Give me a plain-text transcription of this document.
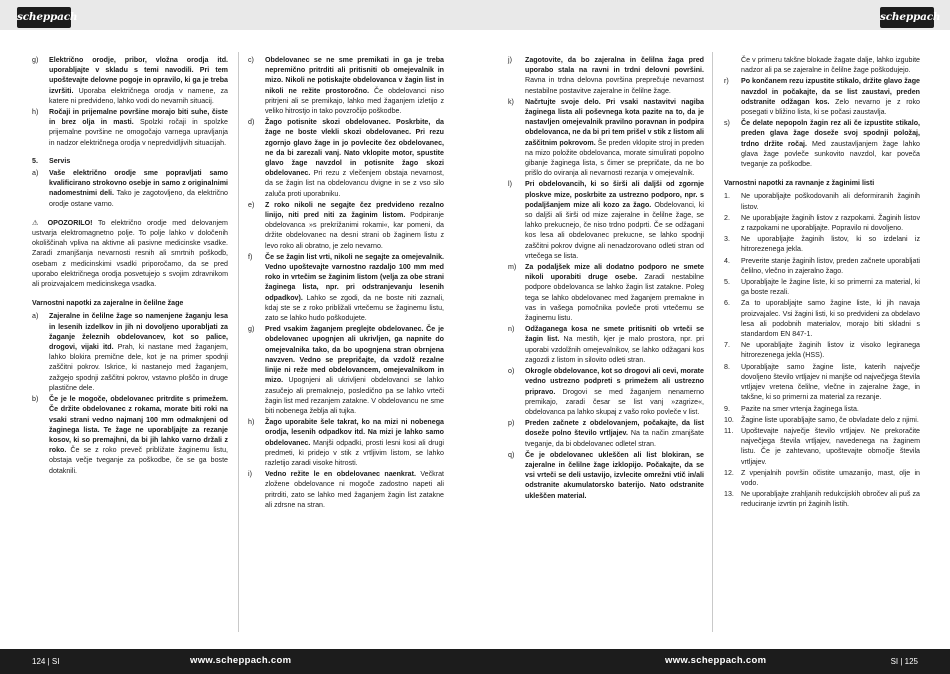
scheppach	scheppach
g)	Električno orodje, pribor, vložna orodja itd. uporabljajte v skladu s temi navodili. Pri tem upoštevajte delovne pogoje in opravilo, ki ga je treba izvršiti. Uporaba električnega orodja v namene, za katere ni predvideno, lahko vodi do nevarnih situacij.
h)	Ročaji in prijemalne površine morajo biti suhe, čiste in brez olja in masti. Spolzki ročaji in spolzke prijemalne površine ne omogočajo varnega upravljanja in nadzor električnega orodja v nepredvidljivih situacijah.
5.	Servis
a)	Vaše električno orodje sme popravljati samo kvalificirano strokovno osebje in samo z originalnimi nadomestnimi deli. Tako je zagotovljeno, da električno orodje ostane varno.
⚠ OPOZORILO! To električno orodje med delovanjem ustvarja elektromagnetno polje. To polje lahko v določenih okoliščinah vpliva na aktivne ali pasivne medicinske vsadke. Zaradi zmanjšanja nevarnosti resnih ali smrtnih poškodb, osebam z medicinskimi vsadki priporočamo, da se pred uporabo električnega orodja posvetujejo s svojim zdravnikom ali proizvajalcem medicinskega vsadka.
Varnostni napotki za zajeralne in čelilne žage
a)	Zajeralne in čelilne žage so namenjene žaganju lesa in lesenih izdelkov in jih ni dovoljeno uporabljati za žaganje železnih obdelovancev, kot so palice, drogovi, vijaki itd. Prah, ki nastane med žaganjem, lahko blokira premične dele, kot je na primer spodnji zaščitni pokrov. Iskrice, ki nastanejo med žaganjem, zažgejo spodnji zaščitni pokrov, vstavno ploščo in druge plastične dele.
b)	Če je le mogoče, obdelovanec pritrdite s primežem. Če držite obdelovanec z rokama, morate biti roki na vsaki strani vedno najmanj 100 mm odmaknjeni od žaginega lista. Te žage ne uporabljajte za rezanje kosov, ki so premajhni, da bi jih lahko varno držali z roko. Če se z roko preveč približate žaginemu listu, obstaja večje tveganje za poškodbe, če se ga boste dotaknili.
c)	Obdelovanec se ne sme premikati in ga je treba nepremično pritrditi ali pritisniti ob omejevalnik in mizo. Nikoli ne potiskajte obdelovanca v žagin list in nikoli ne režite prostoročno. Če obdelovanci niso pritrjeni ali se premikajo, lahko med žaganjem izletijo z veliko hitrostjo in tako povzročijo poškodbe.
d)	Žago potisnite skozi obdelovanec. Poskrbite, da žage ne boste vlekli skozi obdelovanec. Pri rezu zgornjo glavo žage in jo povlecite čez obdelovanec, ne da bi zarezali vanj. Nato vklopite motor, spustite glavo žage navzdol in potisnite žago skozi obdelovanec. Pri rezu z vlečenjem obstaja nevarnost, da se žagin list na obdelovancu dvigne in se z vso silo zaluča proti uporabniku.
e)	Z roko nikoli ne segajte čez predvideno rezalno linijo, niti pred niti za žaginim listom. Podpiranje obdelovanca »s prekrižanimi rokami«, kar pomeni, da držite obdelovanec na desni strani ob žaginem listu z levo roko ali obratno, je zelo nevarno.
f)	Če se žagin list vrti, nikoli ne segajte za omejevalnik. Vedno upoštevajte varnostno razdaljo 100 mm med roko in vrtečim se žaginim listom (velja za obe strani žaginega lista, npr. pri odstranjevanju lesenih odpadkov). Lahko se zgodi, da ne boste niti zaznali, kdaj ste se z roko približali vrtečemu se žaginemu listu, zato se lahko hudo poškodujete.
g)	Pred vsakim žaganjem preglejte obdelovanec. Če je obdelovanec upognjen ali ukrivljen, ga napnite do omejevalnika tako, da bo upognjena stran obrnjena navzven. Vedno se prepričajte, da vzdolž rezalne linije ni reže med obdelovancem, omejevalnikom in mizo. Upognjeni ali ukrivljeni obdelovanci se lahko zasučejo ali premaknejo, posledično pa se lahko vrteči žagin list med rezanjem zatakne. V obdelovancu ne sme biti nobenega žeblja ali tujka.
h)	Žago uporabite šele takrat, ko na mizi ni nobenega orodja, lesenih odpadkov itd. Na mizi je lahko samo obdelovanec. Manjši odpadki, prosti lesni kosi ali drugi predmeti, ki pridejo v stik z vrtljivim listom, se lahko razletijo zaradi visoke hitrosti.
i)	Vedno režite le en obdelovanec naenkrat. Večkrat zložene obdelovance ni mogoče zadostno napeti ali pritrditi, zato se lahko med žaganjem žagin list zatakne ali zdrsne na stran.
j)	Zagotovite, da bo zajeralna in čelilna žaga pred uporabo stala na ravni in trdni delovni površini. Ravna in trdna delovna površina preprečuje nevarnost nestabilne postavitve zajeralne in čelilne žage.
k)	Načrtujte svoje delo. Pri vsaki nastavitvi nagiba žaginega lista ali poševnega kota pazite na to, da je nastavljen omejevalnik pravilno poravnan in podpira obdelovanca, ne da bi pri tem prišel v stik z listom ali zaščitnim pokrovom. Še preden vklopite stroj in preden na mizo položite obdelovanca, morate simulirati popolno gibanje žaginega lista, s čimer se prepričate, da ne bo prišlo do oviranja ali nevarnosti rezanja v omejevalnik.
l)	Pri obdelovancih, ki so širši ali daljši od zgornje ploskve mize, poskrbite za ustrezno podporo, npr. s podaljšanjem mize ali kozo za žago. Obdelovanci, ki so daljši ali širši od mize zajeralne in čelilne žage, se lahko prekucnejo, če niso trdno podprti. Če se odžagani kos lesa ali obdelovanec prekucne, se lahko spodnji zaščitni pokrov dvigne ali nenadzorovano odleti stran od vrtečega se lista.
m)	Za podaljšek mize ali dodatno podporo ne smete nikoli uporabiti druge osebe. Zaradi nestabilne podpore obdelovanca se lahko žagin list zatakne. Poleg tega se lahko obdelovanec med žaganjem premakne in vas in vašega pomočnika povleče proti vrtečemu se žaginemu listu.
n)	Odžaganega kosa ne smete pritisniti ob vrteči se žagin list. Na mestih, kjer je malo prostora, npr. pri uporabi vzdolžnih omejevalnikov, se lahko odžagani kos zagozdi z listom in silovito odleti stran.
o)	Okrogle obdelovance, kot so drogovi ali cevi, morate vedno ustrezno podpreti s primežem ali ustrezno pripravo. Drogovi se med žaganjem nenamerno premikajo, zaradi česar se list vanj »zagrize«, obdelovanca pa lahko skupaj z vašo roko povleče v list.
p)	Preden začnete z obdelovanjem, počakajte, da list doseže polno število vrtljajev. Na ta način zmanjšate tveganje, da bi obdelovanec odletel stran.
q)	Če je obdelovanec ukleščen ali list blokiran, se zajeralne in čelilne žage izklopijo. Počakajte, da se vsi vrteči se deli ustavijo, izvlecite omrežni vtič in/ali odstranite akumulatorsko baterijo. Nato odstranite ukleščen material.
Če v primeru takšne blokade žagate dalje, lahko izgubite nadzor ali pa se zajeralne in čelilne žage poškodujejo.
r)	Po končanem rezu izpustite stikalo, držite glavo žage navzdol in počakajte, da se list zaustavi, preden odstranite odžagan kos. Zelo nevarno je z roko posegati v bližino lista, ki se počasi zaustavlja.
s)	Če delate nepopoln žagin rez ali če izpustite stikalo, preden glava žage doseže svoj spodnji položaj, trdno držite ročaj. Med zaustavljanjem žage lahko glava žage povleče sunkovito navzdol, kar poveča tveganje za poškodbe.
Varnostni napotki za ravnanje z žaginimi listi
1.	Ne uporabljajte poškodovanih ali deformiranih žaginih listov.
2.	Ne uporabljajte žaginih listov z razpokami. Žaginih listov z razpokami ne uporabljajte. Popravilo ni dovoljeno.
3.	Ne uporabljajte žaginih listov, ki so izdelani iz hitrorezenega jekla.
4.	Preverite stanje žaginih listov, preden začnete uporabljati čelilno, vlečno in zajeralno žago.
5.	Uporabljajte le žagine liste, ki so primerni za material, ki ga boste rezali.
6.	Za to uporabljajte samo žagine liste, ki jih navaja proizvajalec. Vsi žagini listi, ki so predvideni za obdelavo lesa ali podobnih materialov, morajo biti skladni s standardom EN 847-1.
7.	Ne uporabljajte žaginih listov iz visoko legiranega hitrorezenega jekla (HSS).
8.	Uporabljajte samo žagine liste, katerih največje dovoljeno število vrtljajev ni manjše od največjega števila vrtljajev vretena čelilne, vlečne in zajeralne žage, in takšne, ki so primerni za material za rezanje.
9.	Pazite na smer vrtenja žaginega lista.
10.	Žagine liste uporabljajte samo, če obvladate delo z njimi.
11.	Upoštevajte največje število vrtljajev. Ne prekoračite največjega števila vrtljajev, navedenega na žaginem listu. Če je zahtevano, upoštevajte območje števila vrtljajev.
12.	Z vpenjalnih površin očistite umazanijo, mast, olje in vodo.
13.	Ne uporabljajte zrahljanih redukcijskih obročev ali puš za reduciranje izvrtin pri žaginih listih.
124 | SI	www.scheppach.com	www.scheppach.com	SI | 125
